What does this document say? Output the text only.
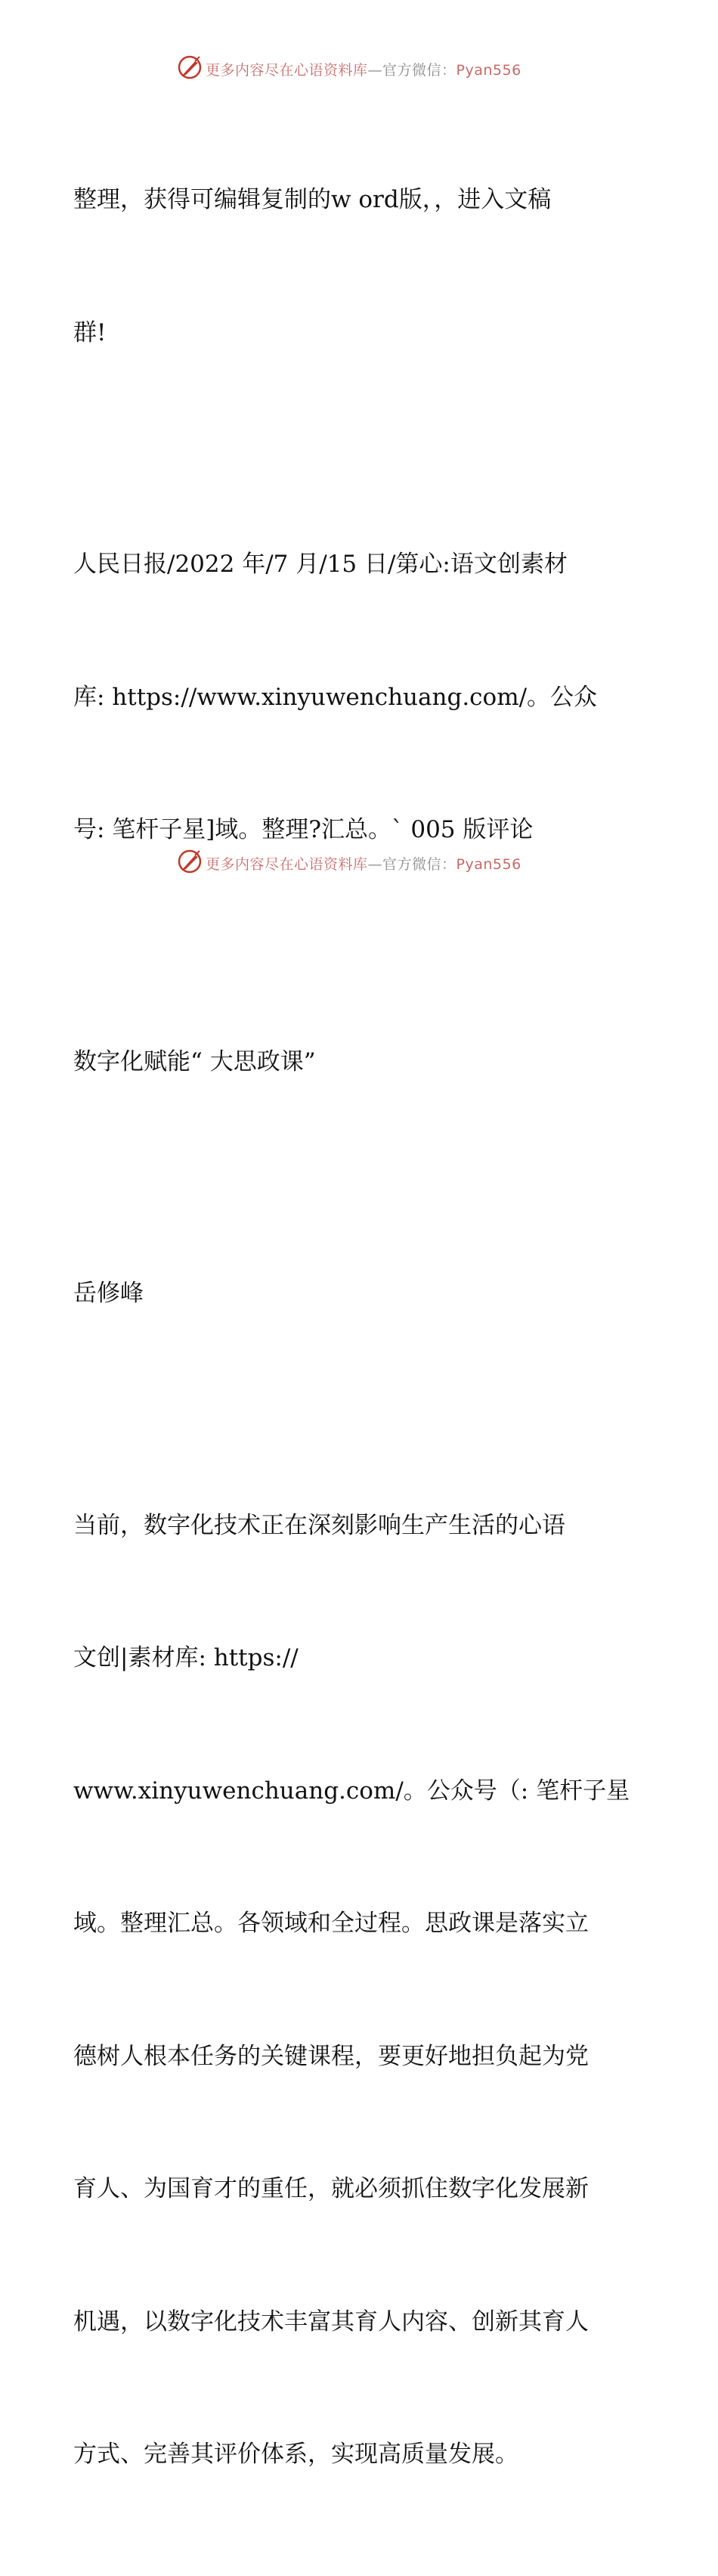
更多内容尽在心语资料库—官方微信：Pyan556

整理，获得可编辑复制的w ord版，，进入文稿

群!

人民日报/2022 年/7 月/15 日/第心:语文创素材

库: https://www.xinyuwenchuang.com/。公众

号: 笔杆子星]域。整理?汇总。` 005 版评论

数字化赋能“ 大思政课”

岳修峰

当前，数字化技术正在深刻影响生产生活的心语

文创|素材库: https://

www.xinyuwenchuang.com/。公众号（: 笔杆子星

域。整理汇总。各领域和全过程。思政课是落实立

德树人根本任务的关键课程，要更好地担负起为党

育人、为国育才的重任，就必须抓住数字化发展新

机遇，以数字化技术丰富其育人内容、创新其育人

方式、完善其评价体系，实现高质量发展。

更多内容尽在心语资料库—官方微信：Pyan556
